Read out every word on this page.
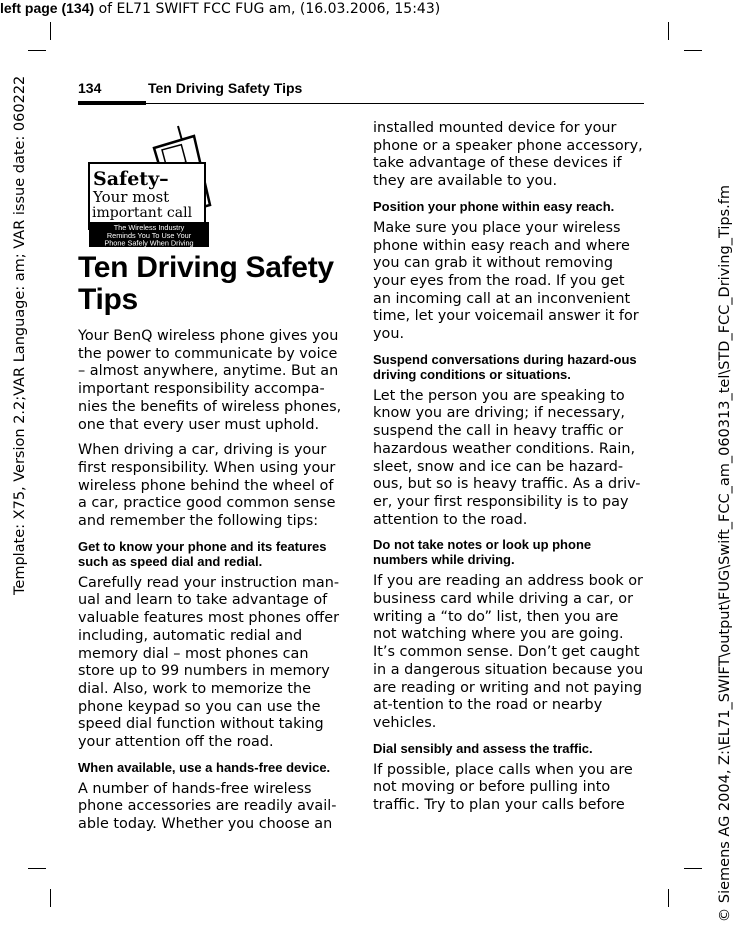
left page (134) of EL71 SWIFT FCC FUG am, (16.03.2006, 15:43)
Template: X75, Version 2.2;VAR Language: am; VAR issue date: 060222	© Siemens AG 2004, Z:\EL71_SWIFT\output\FUG\Swift_FCC_am_060313_tel\STD_FCC_Driving_Tips.fm
134	Ten Driving Safety Tips
Safety–
Your most
important call
The Wireless Industry
Reminds You To Use Your
Phone Safely When Driving
Ten Driving Safety Tips

Your BenQ wireless phone gives you the power to communicate by voice – almost anywhere, anytime. But an important responsibility accompa-nies the benefits of wireless phones, one that every user must uphold.

When driving a car, driving is your first responsibility. When using your wireless phone behind the wheel of a car, practice good common sense and remember the following tips:

Get to know your phone and its features such as speed dial and redial.

Carefully read your instruction man-ual and learn to take advantage of valuable features most phones offer including, automatic redial and memory dial – most phones can store up to 99 numbers in memory dial. Also, work to memorize the phone keypad so you can use the speed dial function without taking your attention off the road.

When available, use a hands-free device.

A number of hands-free wireless phone accessories are readily avail-able today. Whether you choose an

installed mounted device for your phone or a speaker phone accessory, take advantage of these devices if they are available to you.

Position your phone within easy reach.

Make sure you place your wireless phone within easy reach and where you can grab it without removing your eyes from the road. If you get an incoming call at an inconvenient time, let your voicemail answer it for you.

Suspend conversations during hazard-ous driving conditions or situations.

Let the person you are speaking to know you are driving; if necessary, suspend the call in heavy traffic or hazardous weather conditions. Rain, sleet, snow and ice can be hazard-ous, but so is heavy traffic. As a driv-er, your first responsibility is to pay attention to the road.

Do not take notes or look up phone numbers while driving.

If you are reading an address book or business card while driving a car, or writing a “to do” list, then you are not watching where you are going. It’s common sense. Don’t get caught in a dangerous situation because you are reading or writing and not paying at-tention to the road or nearby vehicles.

Dial sensibly and assess the traffic.

If possible, place calls when you are not moving or before pulling into traffic. Try to plan your calls before
